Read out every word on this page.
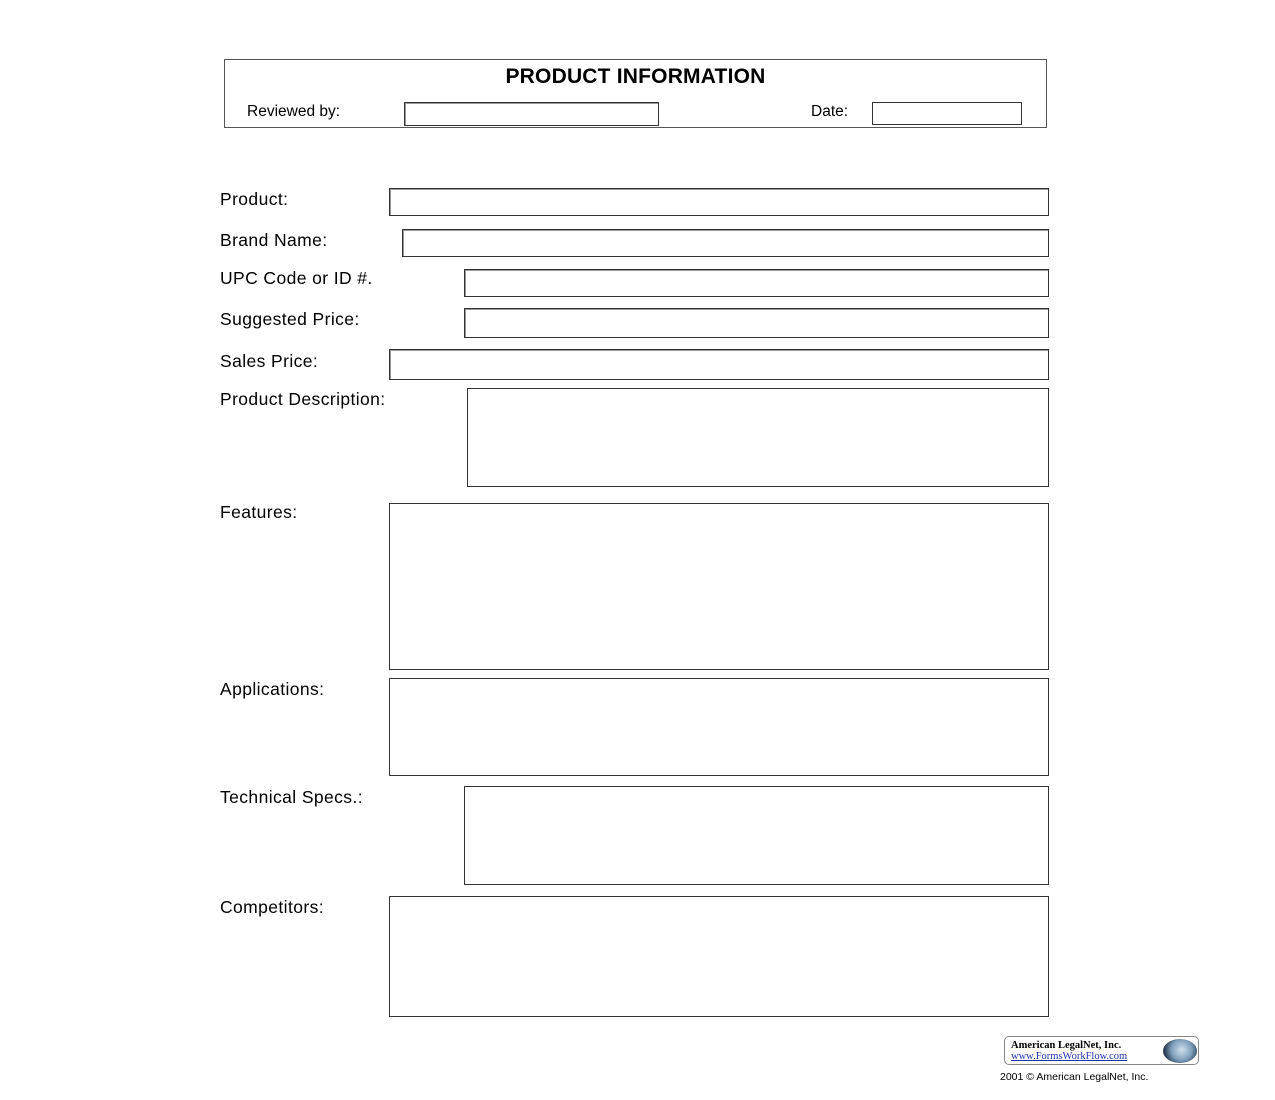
PRODUCT INFORMATION
Reviewed by:	Date:
Product:
Brand Name:
UPC Code or ID #.
Suggested Price:
Sales Price:
Product Description:
Features:
Applications:
Technical Specs.:
Competitors:
American LegalNet, Inc.
www.FormsWorkFlow.com
2001 © American LegalNet, Inc.
